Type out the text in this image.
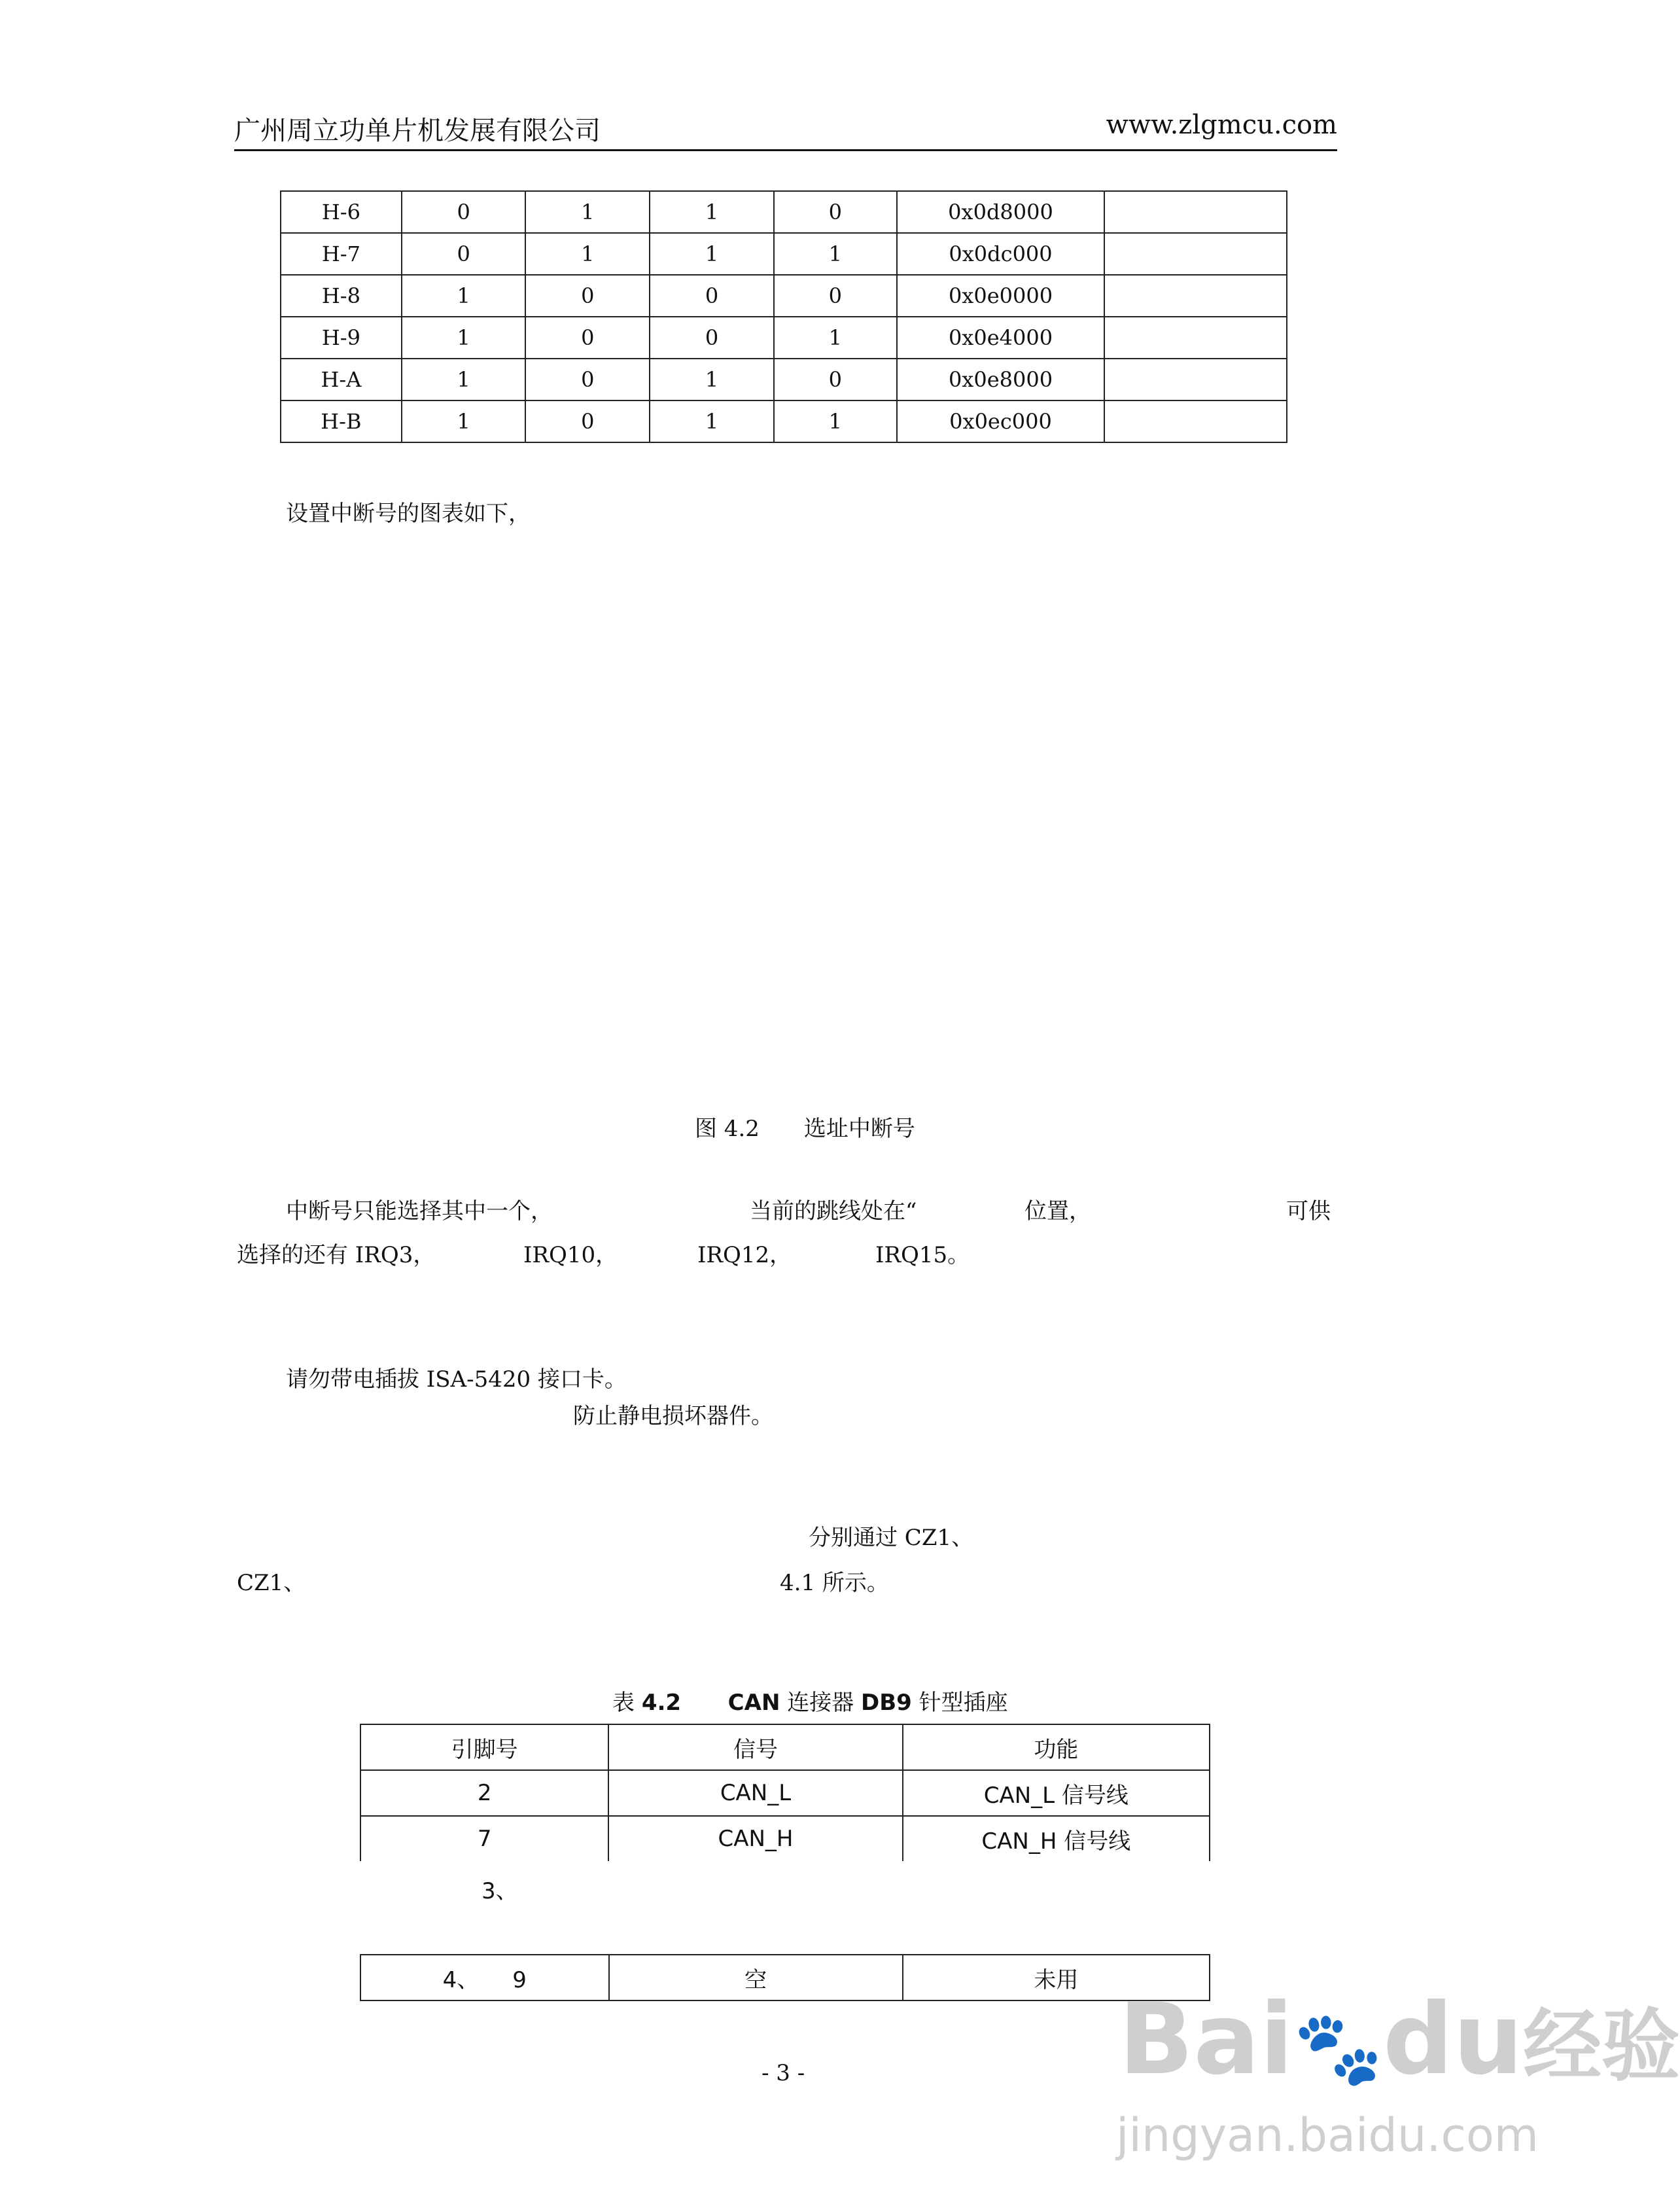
广州周立功单片机发展有限公司	www.zlgmcu.com
H-6	0	1	1	0	0x0d8000	
H-7	0	1	1	1	0x0dc000	
H-8	1	0	0	0	0x0e0000	
H-9	1	0	0	1	0x0e4000	
H-A	1	0	1	0	0x0e8000	
H-B	1	0	1	1	0x0ec000	
设置中断号的图表如下，
图 4.2　　选址中断号
中断号只能选择其中一个，	当前的跳线处在“	位置，	可供
选择的还有 IRQ3，	IRQ10，	IRQ12，	IRQ15。
请勿带电插拔 ISA-5420 接口卡。
防止静电损坏器件。
分别通过 CZ1、
CZ1、	4.1 所示。
表 4.2 CAN 连接器 DB9 针型插座
引脚号	信号	功能
2	CAN_L	CAN_L 信号线
7	CAN_H	CAN_H 信号线
3、
4、　　9	空	未用
- 3 -	Bai🐾du经验
jingyan.baidu.com
